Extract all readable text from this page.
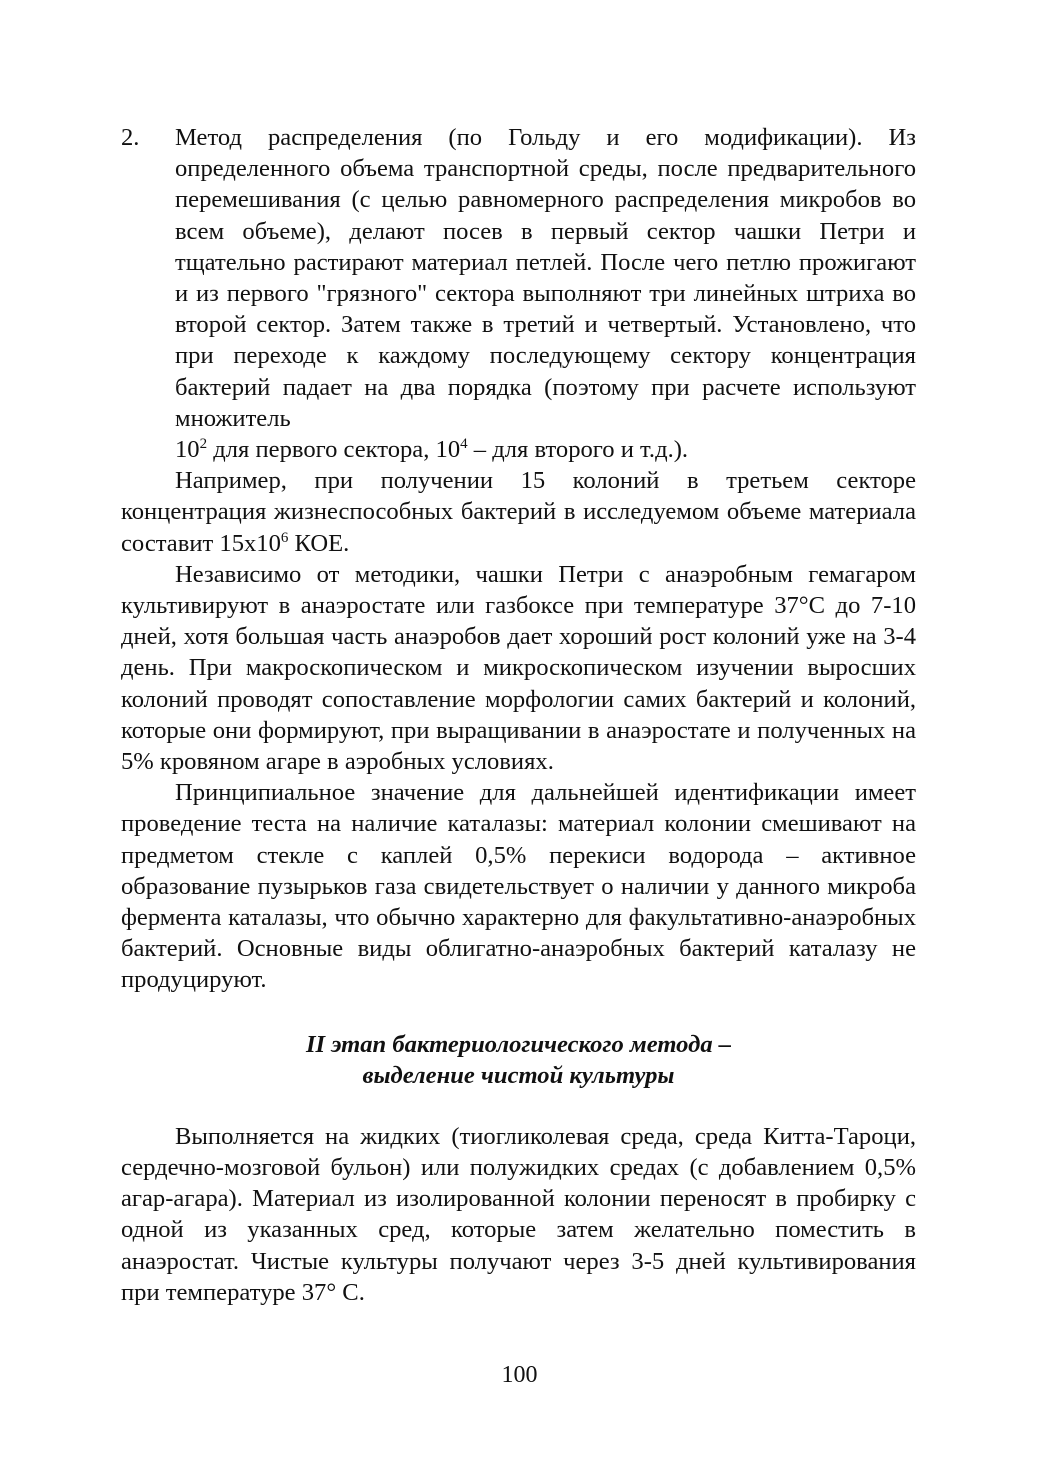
2. Метод распределения (по Гольду и его модификации). Из определенного объема транспортной среды, после предварительного перемешивания (с целью равномерного распределения микробов во всем объеме), делают посев в первый сектор чашки Петри и тщательно растирают материал петлей. После чего петлю прожигают и из первого "грязного" сектора выполняют три линейных штриха во второй сектор. Затем также в третий и четвертый. Установлено, что при переходе к каждому последующему сектору концентрация бактерий падает на два порядка (поэтому при расчете используют множитель
$10^2$ для первого сектора, $10^4$ – для второго и т.д.).

Например, при получении 15 колоний в третьем секторе концентрация жизнеспособных бактерий в исследуемом объеме материала составит $15x10^6$ КОЕ.

Независимо от методики, чашки Петри с анаэробным гемагаром культивируют в анаэростате или газбоксе при температуре 37°С до 7-10 дней, хотя большая часть анаэробов дает хороший рост колоний уже на 3-4 день. При макроскопическом и микроскопическом изучении выросших колоний проводят сопоставление морфологии самих бактерий и колоний, которые они формируют, при выращивании в анаэростате и полученных на 5% кровяном агаре в аэробных условиях.

Принципиальное значение для дальнейшей идентификации имеет проведение теста на наличие каталазы: материал колонии смешивают на предметом стекле с каплей 0,5% перекиси водорода – активное образование пузырьков газа свидетельствует о наличии у данного микроба фермента каталазы, что обычно характерно для факультативно-анаэробных бактерий. Основные виды облигатно-анаэробных бактерий каталазу не продуцируют.

II этап бактериологического метода –
выделение чистой культуры

Выполняется на жидких (тиогликолевая среда, среда Китта-Тароци, сердечно-мозговой бульон) или полужидких средах (с добавлением 0,5% агар-агара). Материал из изолированной колонии переносят в пробирку с одной из указанных сред, которые затем желательно поместить в анаэростат. Чистые культуры получают через 3-5 дней культивирования при температуре 37° С.

100
